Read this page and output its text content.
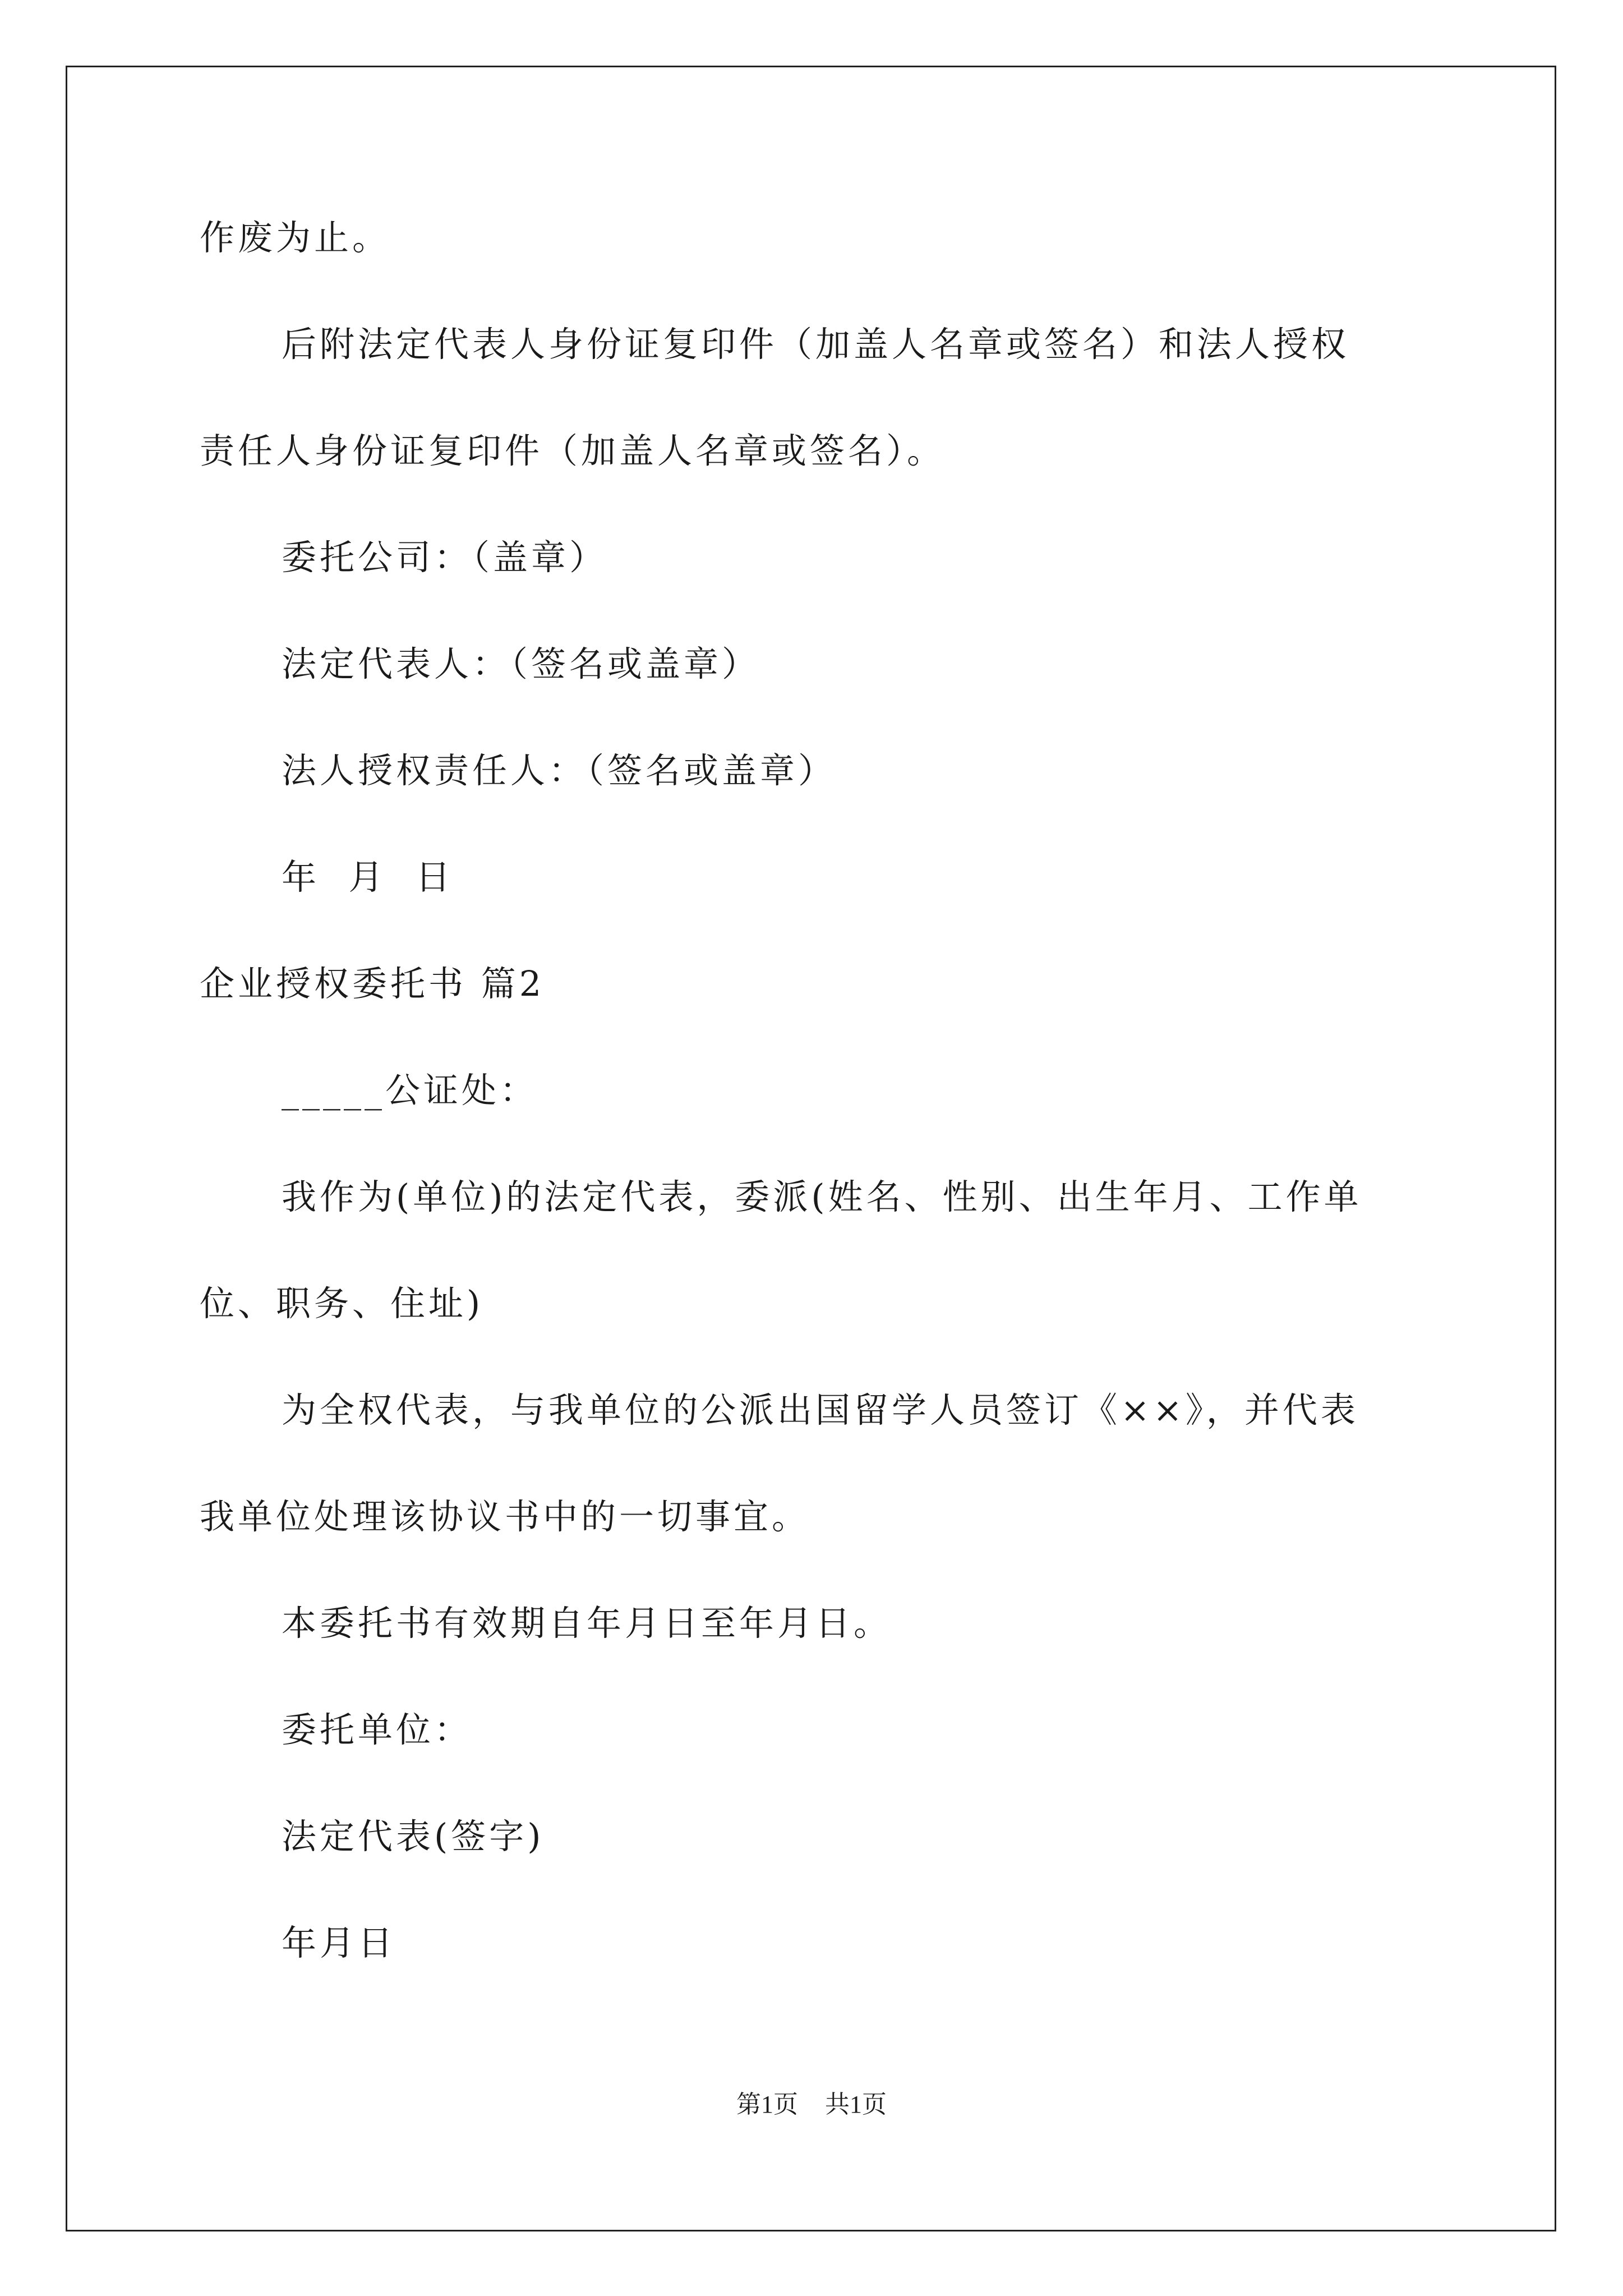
作废为止。
后附法定代表人身份证复印件（加盖人名章或签名）和法人授权
责任人身份证复印件（加盖人名章或签名）。
委托公司：（盖章）
法定代表人：（签名或盖章）
法人授权责任人：（签名或盖章）
年  月  日
企业授权委托书 篇2
_____公证处：
我作为(单位)的法定代表，委派(姓名、性别、出生年月、工作单
位、职务、住址)
为全权代表，与我单位的公派出国留学人员签订《××》，并代表
我单位处理该协议书中的一切事宜。
本委托书有效期自年月日至年月日。
委托单位：
法定代表(签字)
年月日
第1页 共1页
